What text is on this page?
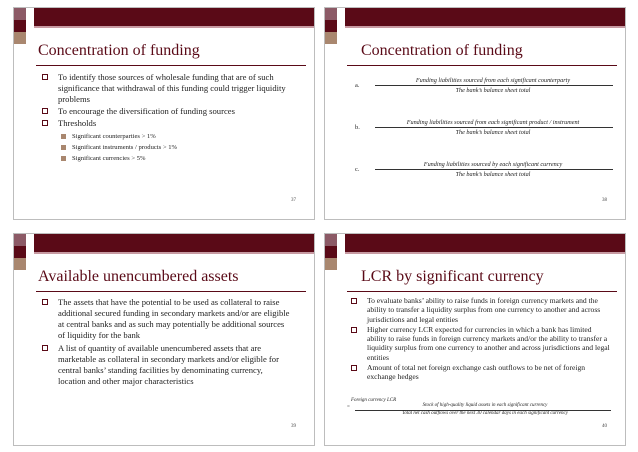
Concentration of funding
To identify those sources of wholesale funding that are of such significance that withdrawal of this funding could trigger liquidity problems
To encourage the diversification of funding sources
Thresholds
Significant counterparties > 1%
Significant instruments / products > 1%
Significant currencies > 5%
37
Concentration of funding
a.
Funding liabilities sourced from each significant counterparty
The bank’s balance sheet total
b.
Funding liabilities sourced from each significant product / instrument
The bank’s balance sheet total
c.
Funding liabilities sourced by each significant currency
The bank’s balance sheet total
38
Available unencumbered assets
The assets that have the potential to be used as collateral to raise additional secured funding in secondary markets and/or are eligible at central banks and as such may potentially be additional sources of liquidity for the bank
A list of quantity of available unencumbered assets that are marketable as collateral in secondary markets and/or eligible for central banks’ standing facilities by denominating currency, location and other major characteristics
39
LCR by significant currency
To evaluate banks’ ability to raise funds in foreign currency markets and the ability to transfer a liquidity surplus from one currency to another and across jurisdictions and legal entities
Higher currency LCR expected for currencies in which a bank has limited ability to raise funds in foreign currency markets and/or the ability to transfer a liquidity surplus from one currency to another and across jurisdictions and legal entities
Amount of total net foreign exchange cash outflows to be net of foreign exchange hedges
Foreign currency LCR
=	Stock of high-quality liquid assets in each significant currency
Total net cash outflows over the next 30 calendar days in each significant currency
40
